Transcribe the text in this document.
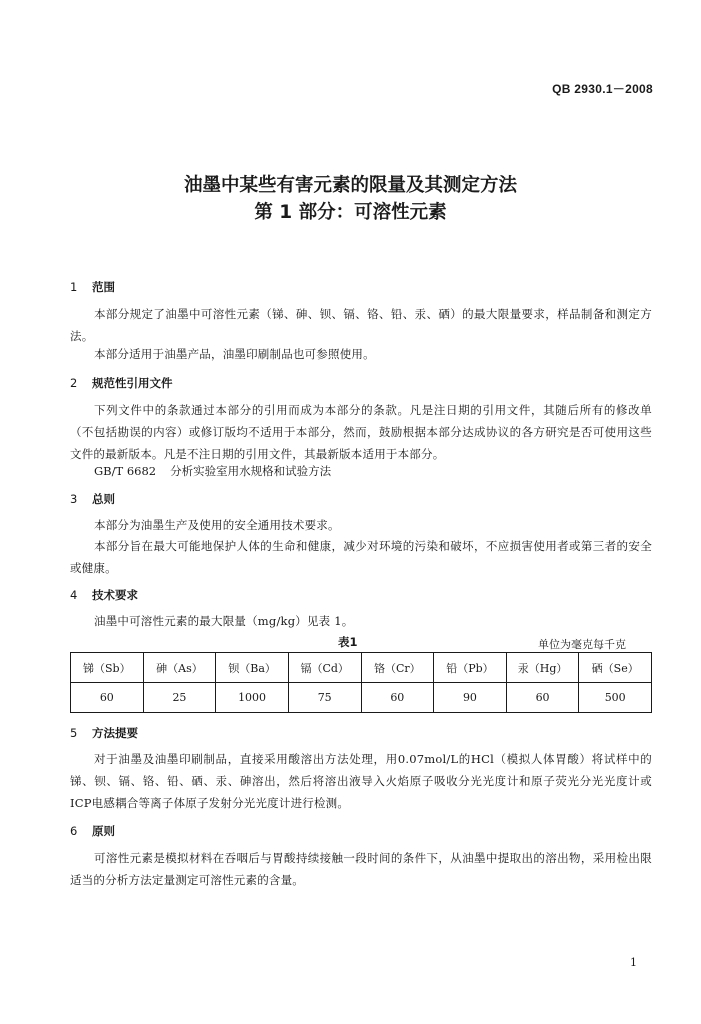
QB 2930.1－2008
油墨中某些有害元素的限量及其测定方法
第 1 部分：可溶性元素
1 范围
本部分规定了油墨中可溶性元素（锑、砷、钡、镉、铬、铅、汞、硒）的最大限量要求，样品制备和测定方法。
本部分适用于油墨产品，油墨印刷制品也可参照使用。
2 规范性引用文件
下列文件中的条款通过本部分的引用而成为本部分的条款。凡是注日期的引用文件，其随后所有的修改单（不包括勘误的内容）或修订版均不适用于本部分，然而，鼓励根据本部分达成协议的各方研究是否可使用这些文件的最新版本。凡是不注日期的引用文件，其最新版本适用于本部分。
GB/T 6682 分析实验室用水规格和试验方法
3 总则
本部分为油墨生产及使用的安全通用技术要求。
本部分旨在最大可能地保护人体的生命和健康，减少对环境的污染和破坏，不应损害使用者或第三者的安全或健康。
4 技术要求
油墨中可溶性元素的最大限量（mg/kg）见表 1。
表1	单位为毫克每千克
锑（Sb）	砷（As）	钡（Ba）	镉（Cd）	铬（Cr）	铅（Pb）	汞（Hg）	硒（Se）
60	25	1000	75	60	90	60	500
5 方法提要
对于油墨及油墨印刷制品，直接采用酸溶出方法处理，用0.07mol/L的HCl（模拟人体胃酸）将试样中的锑、钡、镉、铬、铅、硒、汞、砷溶出，然后将溶出液导入火焰原子吸收分光光度计和原子荧光分光光度计或ICP电感耦合等离子体原子发射分光光度计进行检测。
6 原则
可溶性元素是模拟材料在吞咽后与胃酸持续接触一段时间的条件下，从油墨中提取出的溶出物，采用检出限适当的分析方法定量测定可溶性元素的含量。
1
